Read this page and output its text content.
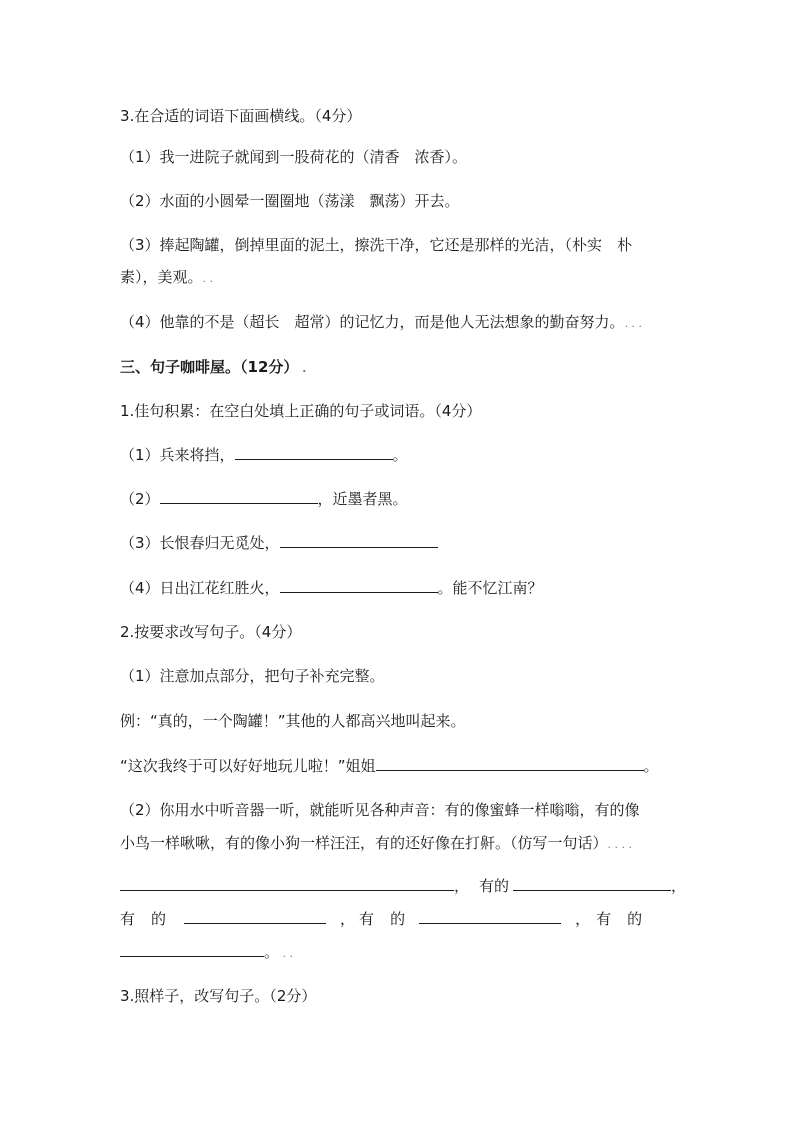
3.在合适的词语下面画横线。（4分）
（1）我一进院子就闻到一股荷花的（清香　浓香）。
（2）水面的小圆晕一圈圈地（荡漾　飘荡）开去。
（3）捧起陶罐，倒掉里面的泥土，擦洗干净，它还是那样的光洁，（朴实　朴
素），美观。. .
（4）他靠的不是（超长　超常）的记忆力，而是他人无法想象的勤奋努力。. . .
三、句子咖啡屋。（12分） .
1.佳句积累：在空白处填上正确的句子或词语。（4分）
（1）兵来将挡，	。
（2）	，近墨者黑。
（3）长恨春归无觅处，
（4）日出江花红胜火，	。能不忆江南？
2.按要求改写句子。（4分）
（1）注意加点部分，把句子补充完整。
例：“真的，一个陶罐！”其他的人都高兴地叫起来。
“这次我终于可以好好地玩儿啦！”姐姐	。
（2）你用水中听音器一听，就能听见各种声音：有的像蜜蜂一样嗡嗡，有的像
小鸟一样啾啾，有的像小狗一样汪汪，有的还好像在打鼾。（仿写一句话）. . . .
， 有的	，
有 的	， 有 的	， 有 的
。 . .
3.照样子，改写句子。（2分）
